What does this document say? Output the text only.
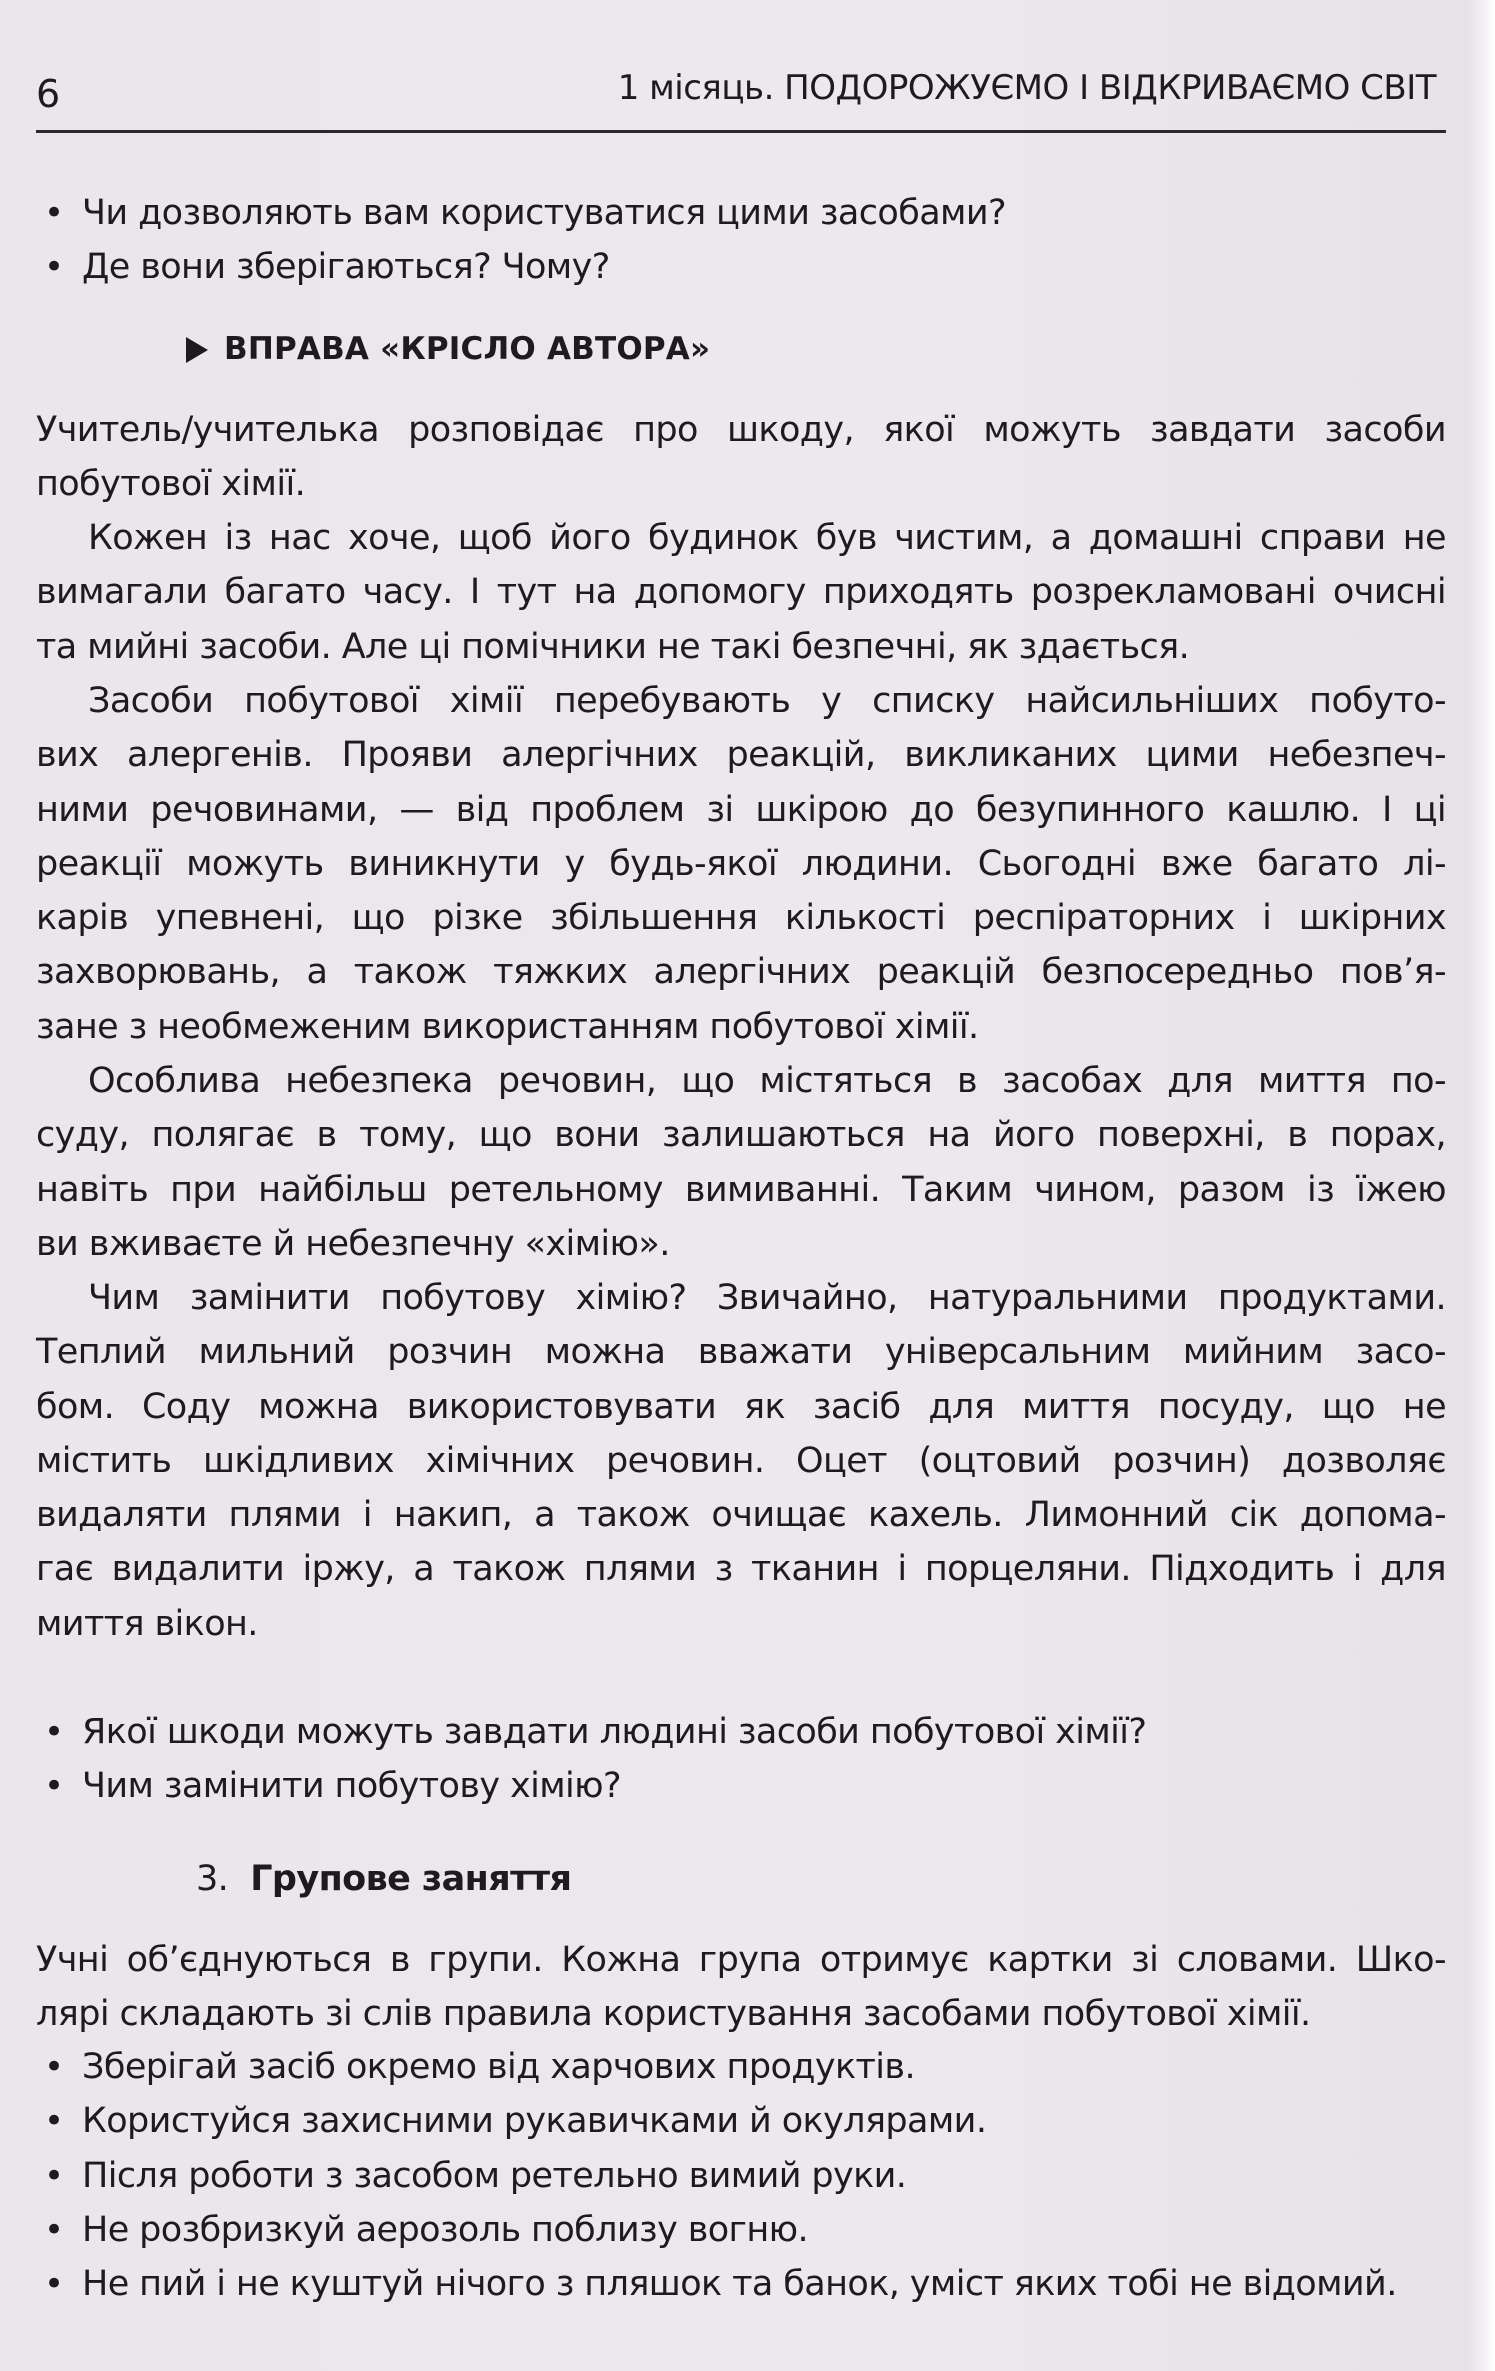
6	1 місяць. ПОДОРОЖУЄМО І ВІДКРИВАЄМО СВІТ
• Чи дозволяють вам користуватися цими засобами?
• Де вони зберігаються? Чому?
ВПРАВА «КРІСЛО АВТОРА»
Учитель/учителька розповідає про шкоду, якої можуть завдати засоби
побутової хімії.
Кожен із нас хоче, щоб його будинок був чистим, а домашні справи не
вимагали багато часу. І тут на допомогу приходять розрекламовані очисні
та мийні засоби. Але ці помічники не такі безпечні, як здається.
Засоби побутової хімії перебувають у списку найсильніших побуто-
вих алергенів. Прояви алергічних реакцій, викликаних цими небезпеч-
ними речовинами, — від проблем зі шкірою до безупинного кашлю. І ці
реакції можуть виникнути у будь-якої людини. Сьогодні вже багато лі-
карів упевнені, що різке збільшення кількості респіраторних і шкірних
захворювань, а також тяжких алергічних реакцій безпосередньо пов’я-
зане з необмеженим використанням побутової хімії.
Особлива небезпека речовин, що містяться в засобах для миття по-
суду, полягає в тому, що вони залишаються на його поверхні, в порах,
навіть при найбільш ретельному вимиванні. Таким чином, разом із їжею
ви вживаєте й небезпечну «хімію».
Чим замінити побутову хімію? Звичайно, натуральними продуктами.
Теплий мильний розчин можна вважати універсальним мийним засо-
бом. Соду можна використовувати як засіб для миття посуду, що не
містить шкідливих хімічних речовин. Оцет (оцтовий розчин) дозволяє
видаляти плями і накип, а також очищає кахель. Лимонний сік допома-
гає видалити іржу, а також плями з тканин і порцеляни. Підходить і для
миття вікон.
• Якої шкоди можуть завдати людині засоби побутової хімії?
• Чим замінити побутову хімію?
3. Групове заняття
Учні об’єднуються в групи. Кожна група отримує картки зі словами. Шко-
лярі складають зі слів правила користування засобами побутової хімії.
• Зберігай засіб окремо від харчових продуктів.
• Користуйся захисними рукавичками й окулярами.
• Після роботи з засобом ретельно вимий руки.
• Не розбризкуй аерозоль поблизу вогню.
• Не пий і не куштуй нічого з пляшок та банок, уміст яких тобі не відомий.
